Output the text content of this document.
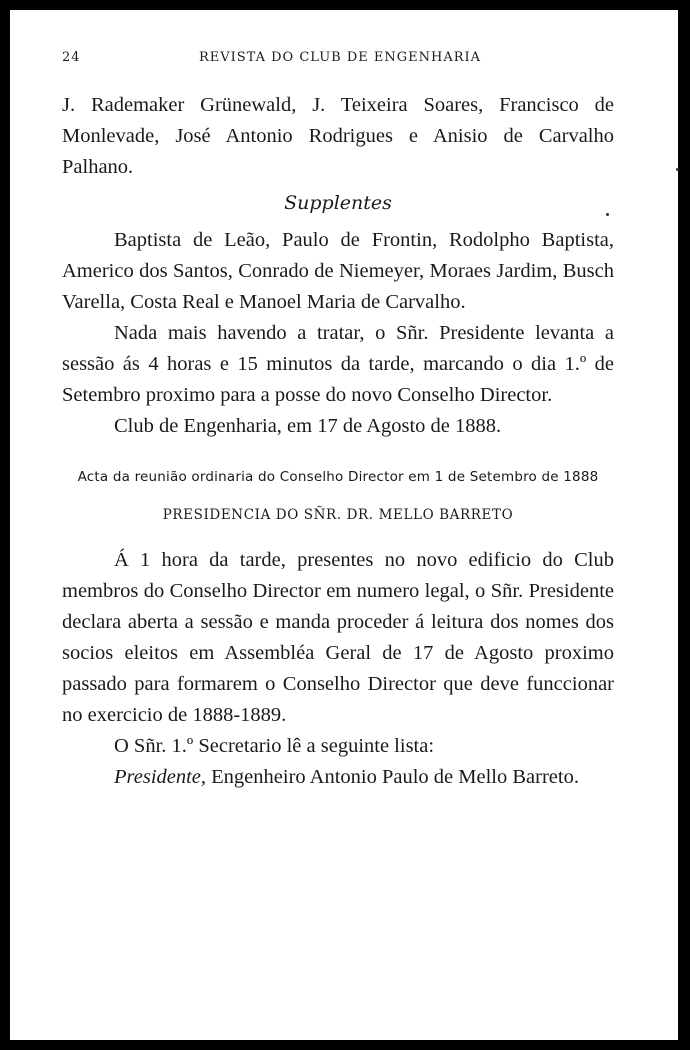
24	REVISTA DO CLUB DE ENGENHARIA

J. Rademaker Grünewald, J. Teixeira Soares, Francisco de Monlevade, José Antonio Rodrigues e Anisio de Carvalho Palhano.

Supplentes

Baptista de Leão, Paulo de Frontin, Rodolpho Baptista, Americo dos Santos, Conrado de Niemeyer, Moraes Jardim, Busch Varella, Costa Real e Manoel Maria de Carvalho.

Nada mais havendo a tratar, o Sñr. Presidente levanta a sessão ás 4 horas e 15 minutos da tarde, marcando o dia 1.º de Setembro proximo para a posse do novo Conselho Director.

Club de Engenharia, em 17 de Agosto de 1888.

Acta da reunião ordinaria do Conselho Director em 1 de Setembro de 1888

PRESIDENCIA DO SÑR. DR. MELLO BARRETO

Á 1 hora da tarde, presentes no novo edificio do Club membros do Conselho Director em numero legal, o Sñr. Presidente declara aberta a sessão e manda proceder á leitura dos nomes dos socios eleitos em Assembléa Geral de 17 de Agosto proximo passado para formarem o Conselho Director que deve funccionar no exercicio de 1888-1889.

O Sñr. 1.º Secretario lê a seguinte lista:

Presidente, Engenheiro Antonio Paulo de Mello Barreto.
